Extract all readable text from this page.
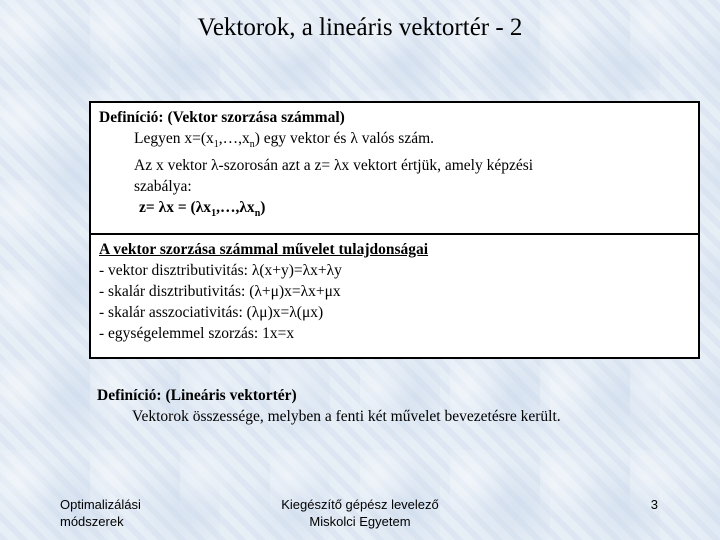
Vektorok, a lineáris vektortér - 2
Definíció: (Vektor szorzása számmal)
Legyen $x=(x_1,\dots,x_n)$ egy vektor és λ valós szám.
Az x vektor λ-szorosán azt a z= λx vektort értjük, amely képzési
szabálya:
$z= \lambda x = (\lambda x_1,\dots,\lambda x_n)$
A vektor szorzása számmal művelet tulajdonságai
- vektor disztributivitás: λ(x+y)=λx+λy
- skalár disztributivitás: (λ+μ)x=λx+μx
- skalár asszociativitás: (λμ)x=λ(μx)
- egységelemmel szorzás: 1x=x
Definíció: (Lineáris vektortér)
Vektorok összessége, melyben a fenti két művelet bevezetésre került.
Optimalizálási
módszerek
Kiegészítő gépész levelező
Miskolci Egyetem
3
